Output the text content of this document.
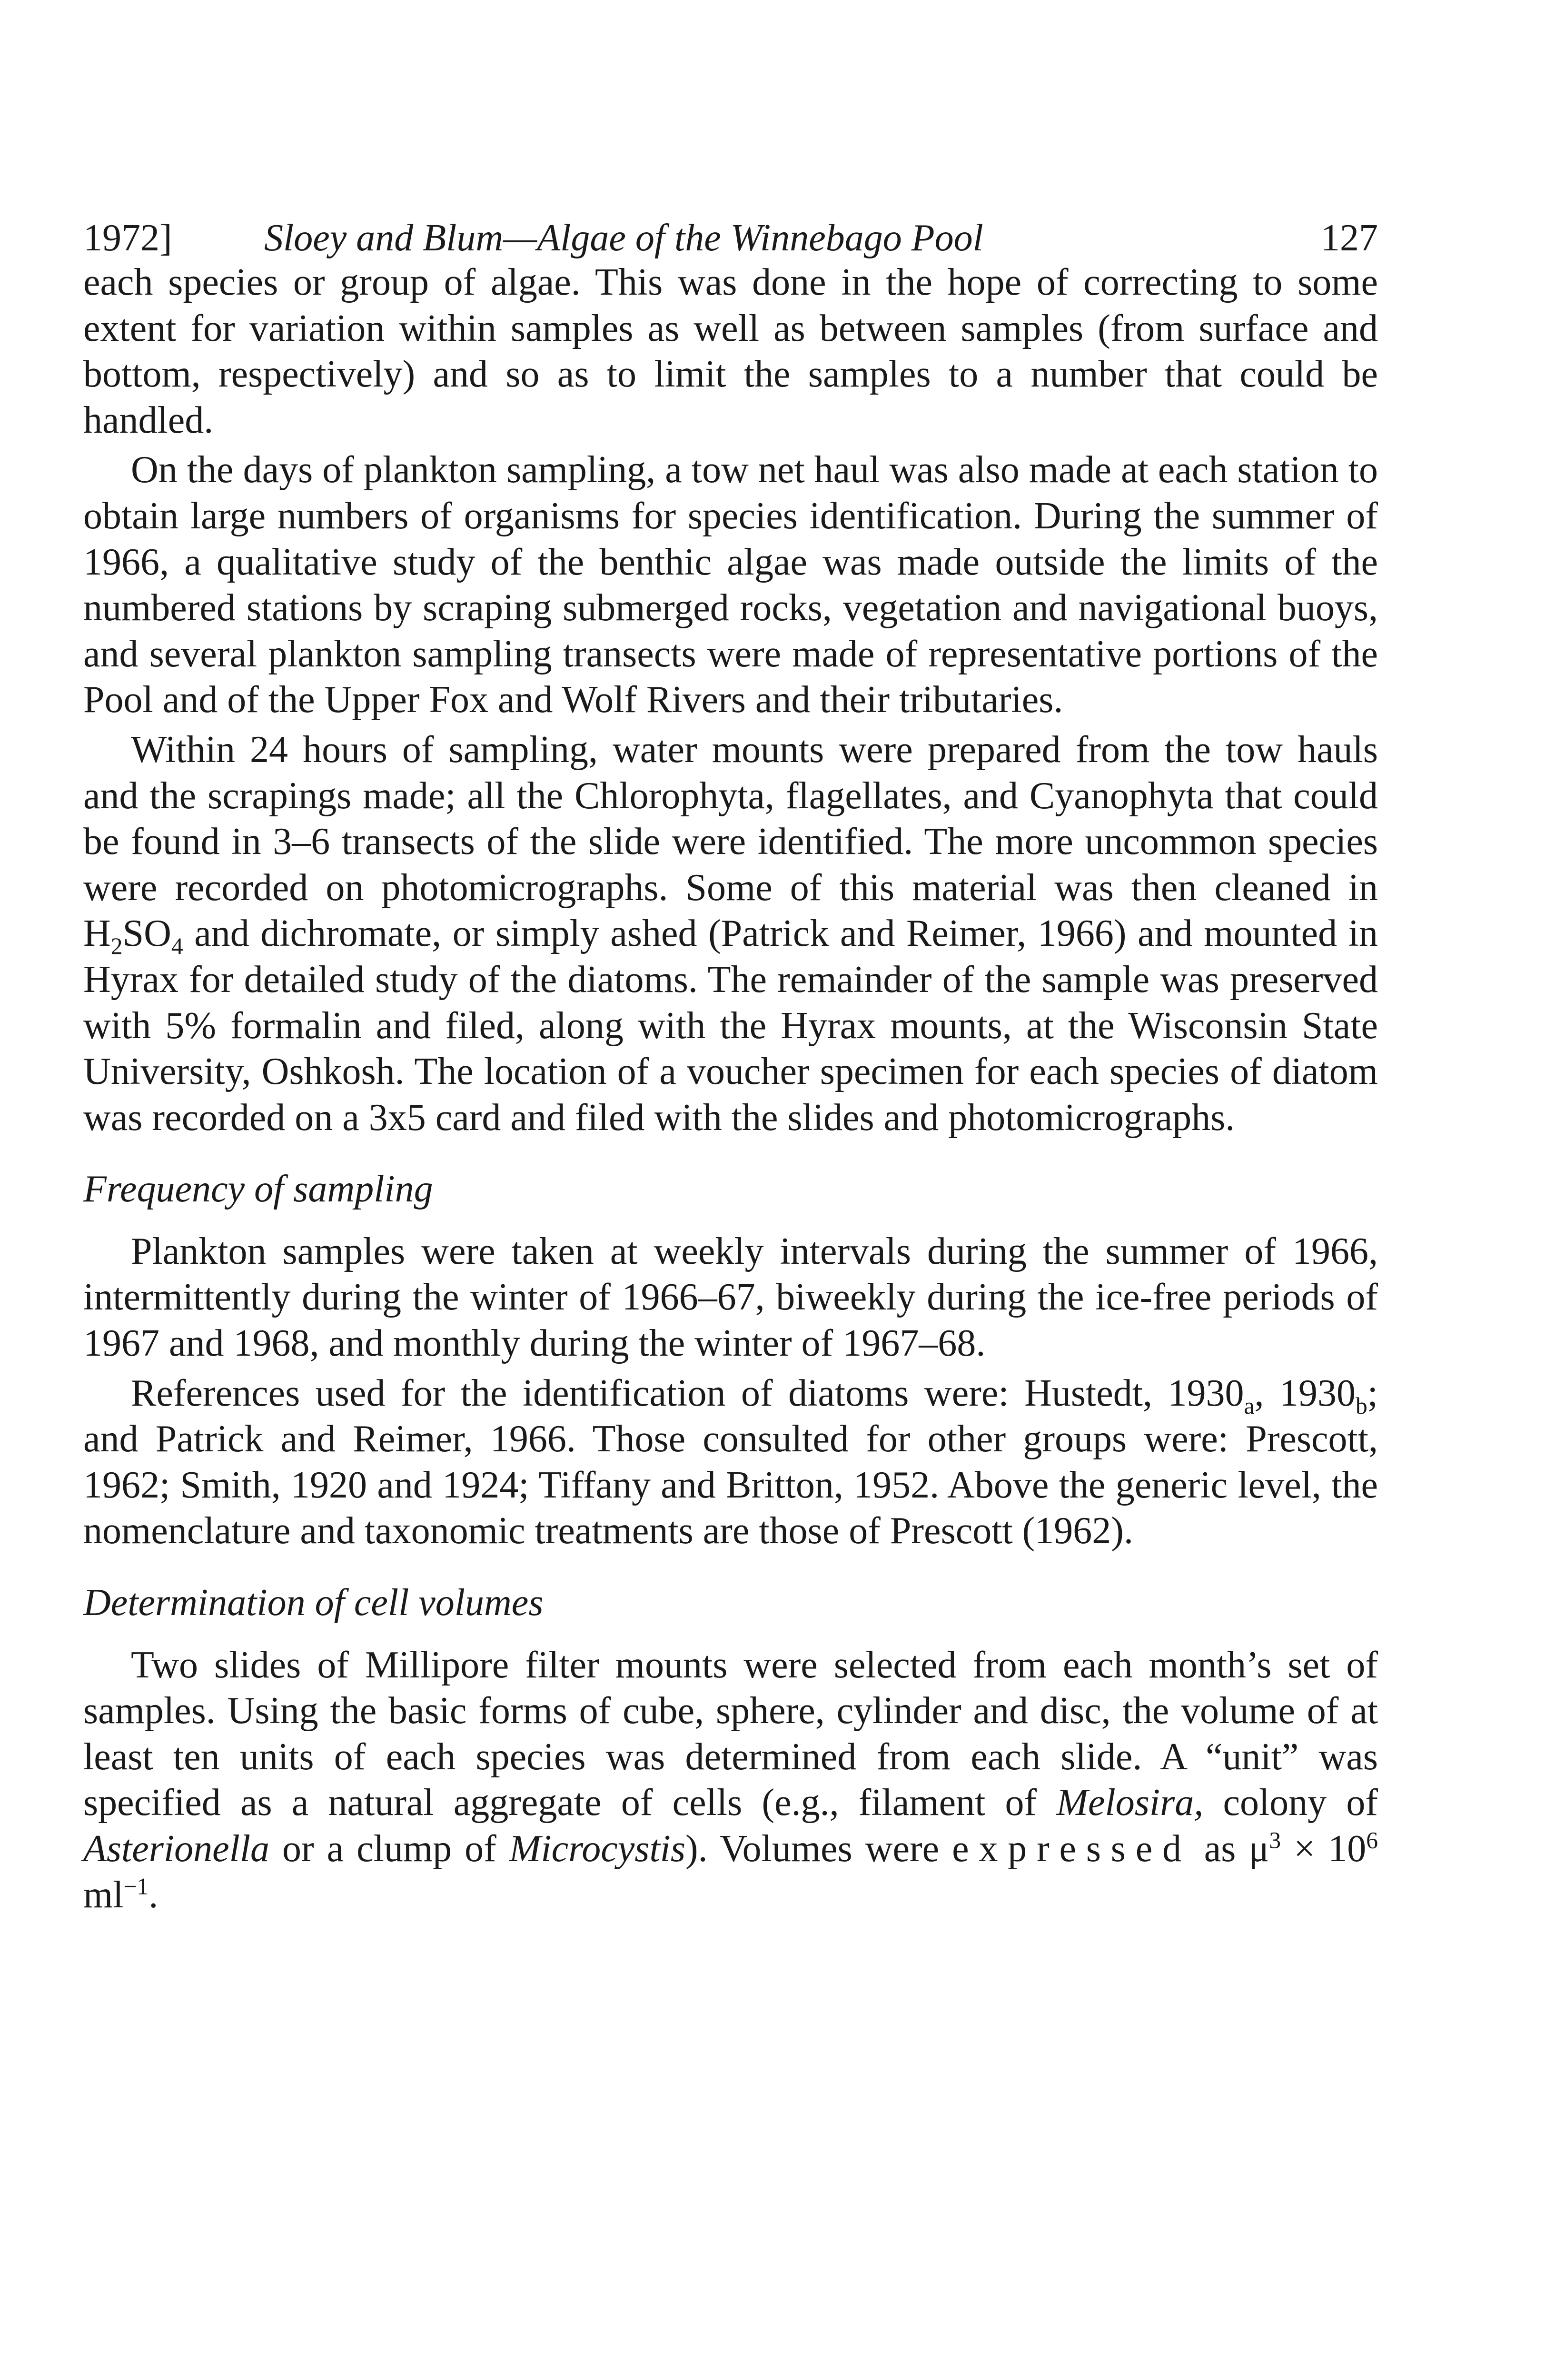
1972] Sloey and Blum—Algae of the Winnebago Pool	127

each species or group of algae. This was done in the hope of correcting to some extent for variation within samples as well as between samples (from surface and bottom, respectively) and so as to limit the samples to a number that could be handled.

On the days of plankton sampling, a tow net haul was also made at each station to obtain large numbers of organisms for species identification. During the summer of 1966, a qualitative study of the benthic algae was made outside the limits of the numbered stations by scraping submerged rocks, vegetation and navigational buoys, and several plankton sampling transects were made of representative portions of the Pool and of the Upper Fox and Wolf Rivers and their tributaries.

Within 24 hours of sampling, water mounts were prepared from the tow hauls and the scrapings made; all the Chlorophyta, flagellates, and Cyanophyta that could be found in 3–6 transects of the slide were identified. The more uncommon species were recorded on photomicrographs. Some of this material was then cleaned in $H_2SO_4$ and dichromate, or simply ashed (Patrick and Reimer, 1966) and mounted in Hyrax for detailed study of the diatoms. The remainder of the sample was preserved with 5% formalin and filed, along with the Hyrax mounts, at the Wisconsin State University, Oshkosh. The location of a voucher specimen for each species of diatom was recorded on a 3x5 card and filed with the slides and photomicrographs.

Frequency of sampling

Plankton samples were taken at weekly intervals during the summer of 1966, intermittently during the winter of 1966–67, biweekly during the ice-free periods of 1967 and 1968, and monthly during the winter of 1967–68.

References used for the identification of diatoms were: Hustedt, $1930_a$, $1930_b$; and Patrick and Reimer, 1966. Those consulted for other groups were: Prescott, 1962; Smith, 1920 and 1924; Tiffany and Britton, 1952. Above the generic level, the nomenclature and taxonomic treatments are those of Prescott (1962).

Determination of cell volumes

Two slides of Millipore filter mounts were selected from each month’s set of samples. Using the basic forms of cube, sphere, cylinder and disc, the volume of at least ten units of each species was determined from each slide. A “unit” was specified as a natural aggregate of cells (e.g., filament of Melosira, colony of Asterionella or a clump of Microcystis). Volumes were expressed as $\mu^3 \times 10^6$ $ml^{-1}$.
